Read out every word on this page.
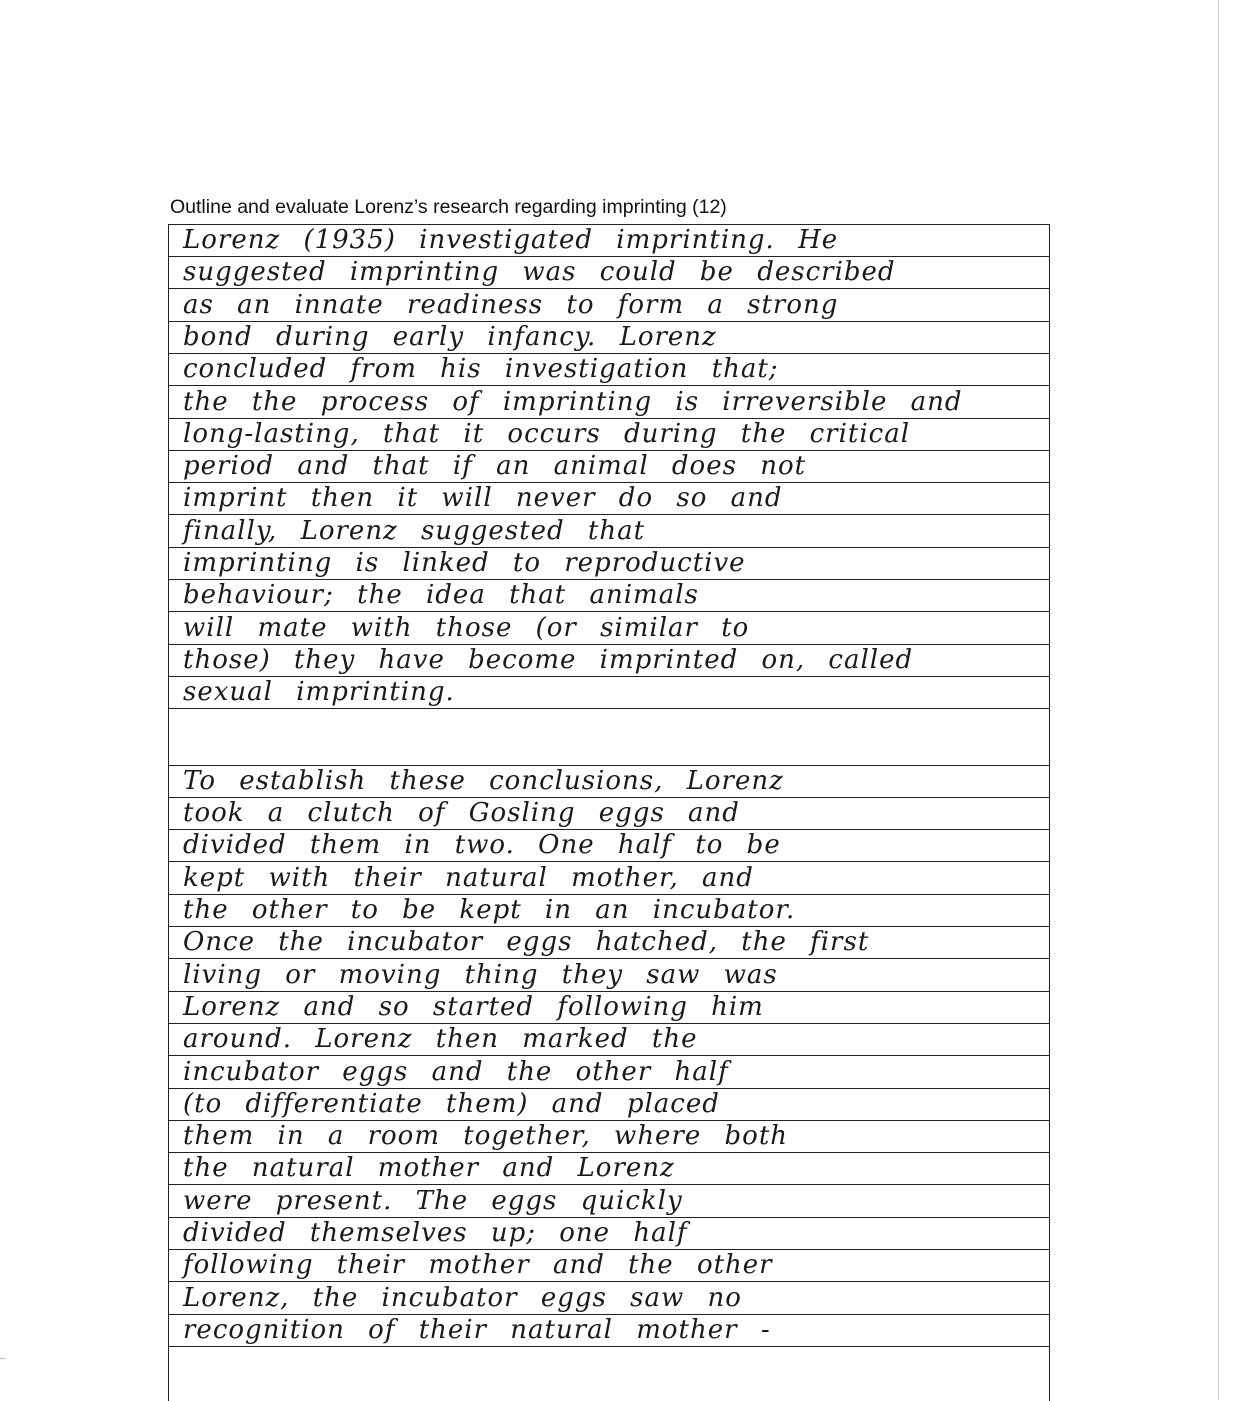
Outline and evaluate Lorenz’s research regarding imprinting (12)
Lorenz (1935) investigated imprinting. He
suggested imprinting was could be described
as an innate readiness to form a strong
bond during early infancy. Lorenz
concluded from his investigation that;
the the process of imprinting is irreversible and
long-lasting, that it occurs during the critical
period and that if an animal does not
imprint then it will never do so and
finally, Lorenz suggested that
imprinting is linked to reproductive
behaviour; the idea that animals
will mate with those (or similar to
those) they have become imprinted on, called
sexual imprinting.
To establish these conclusions, Lorenz
took a clutch of Gosling eggs and
divided them in two. One half to be
kept with their natural mother, and
the other to be kept in an incubator.
Once the incubator eggs hatched, the first
living or moving thing they saw was
Lorenz and so started following him
around. Lorenz then marked the
incubator eggs and the other half
(to differentiate them) and placed
them in a room together, where both
the natural mother and Lorenz
were present. The eggs quickly
divided themselves up; one half
following their mother and the other
Lorenz, the incubator eggs saw no
recognition of their natural mother -
